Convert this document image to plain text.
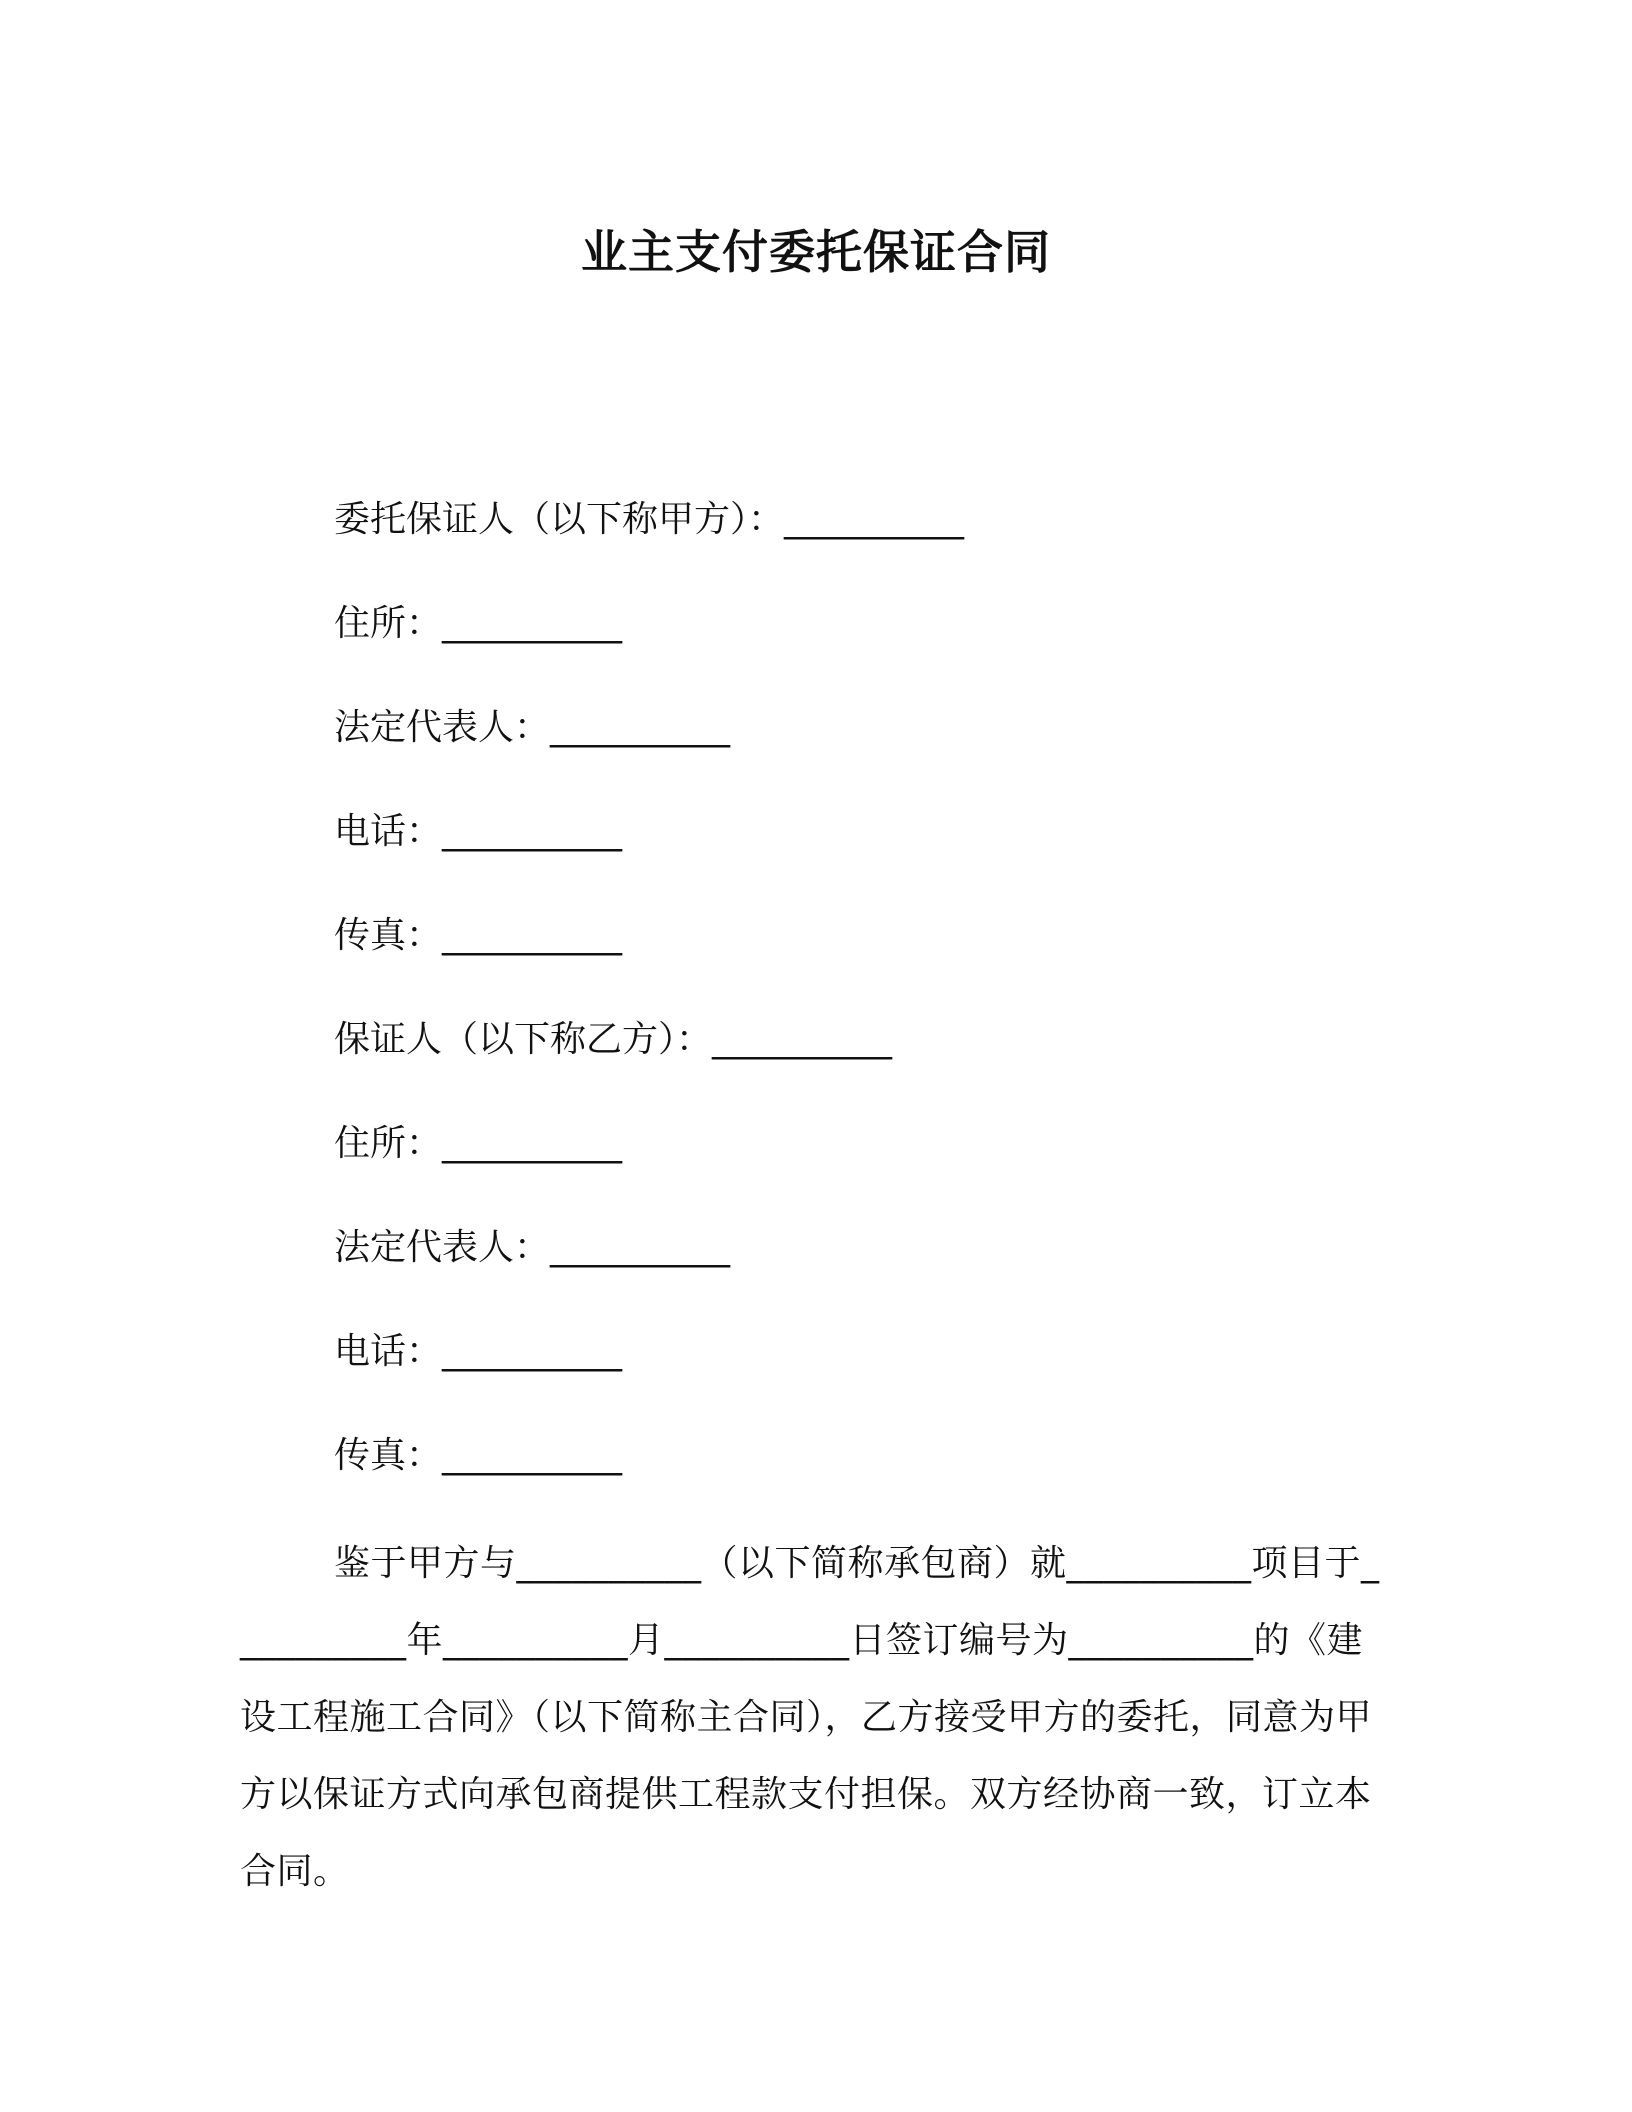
业主支付委托保证合同
委托保证人（以下称甲方）：__________
住所：__________
法定代表人：__________
电话：__________
传真：__________
保证人（以下称乙方）：__________
住所：__________
法定代表人：__________
电话：__________
传真：__________
鉴于甲方与__________（以下简称承包商）就__________项目于__________年__________月__________日签订编号为__________的《建设工程施工合同》（以下简称主合同），乙方接受甲方的委托，同意为甲方以保证方式向承包商提供工程款支付担保。双方经协商一致，订立本合同。
